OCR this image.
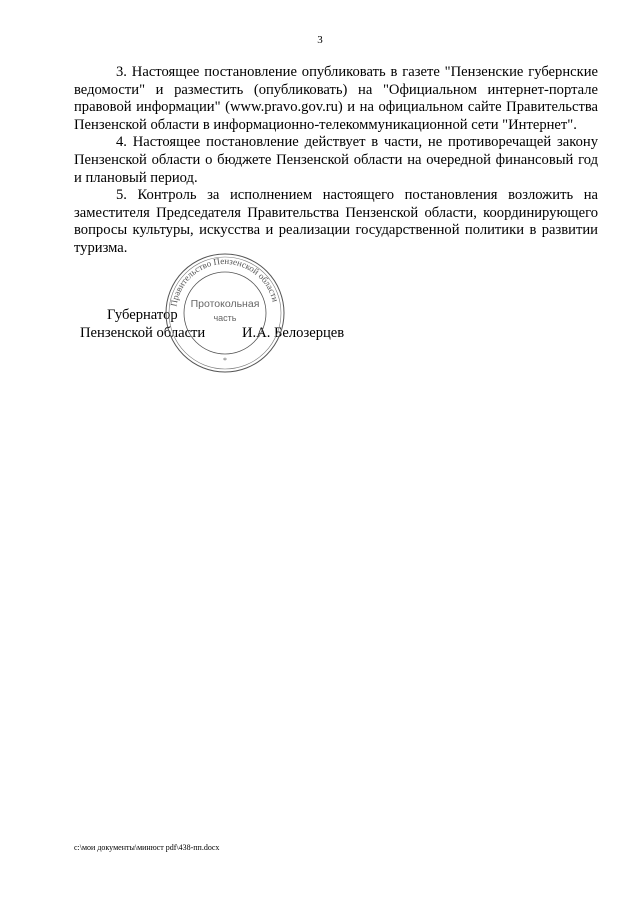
3

3. Настоящее постановление опубликовать в газете "Пензенские губернские ведомости" и разместить (опубликовать) на "Официальном интернет-портале правовой информации" (www.pravo.gov.ru) и на официальном сайте Правительства Пензенской области в информационно-телекоммуникационной сети "Интернет".

4. Настоящее постановление действует в части, не противоречащей закону Пензенской области о бюджете Пензенской области на очередной финансовый год и плановый период.

5. Контроль за исполнением настоящего постановления возложить на заместителя Председателя Правительства Пензенской области, координирующего вопросы культуры, искусства и реализации государственной политики в развитии туризма.

Губернатор
Пензенской области	И.А. Белозерцев
Правительство Пензенской области
Протокольная
часть
*
c:\мои документы\минюст pdf\438-пп.docx
